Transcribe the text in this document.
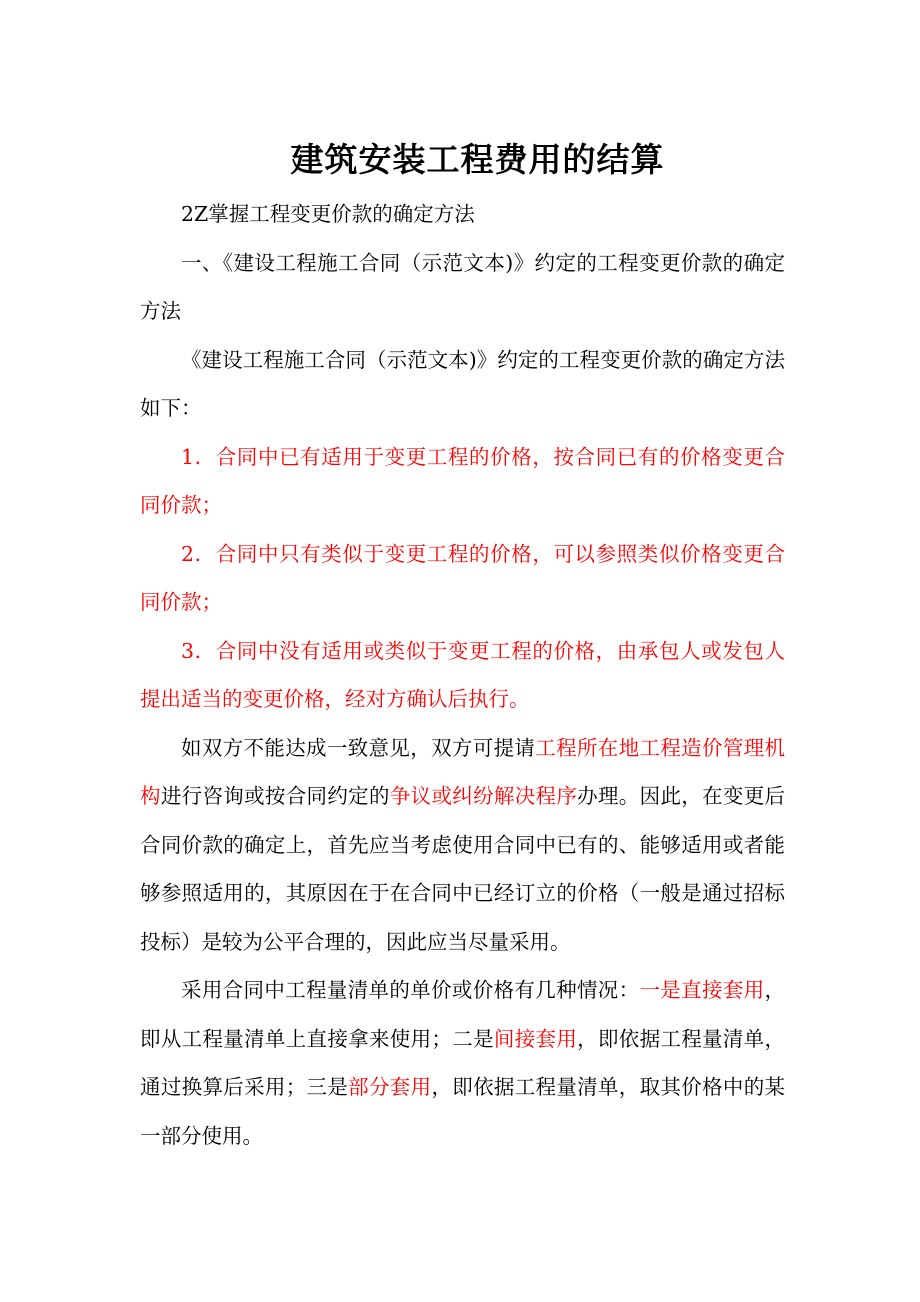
建筑安装工程费用的结算

2Z掌握工程变更价款的确定方法

一、《建设工程施工合同（示范文本)》约定的工程变更价款的确定方法

《建设工程施工合同（示范文本)》约定的工程变更价款的确定方法如下：

1．合同中已有适用于变更工程的价格，按合同已有的价格变更合同价款；

2．合同中只有类似于变更工程的价格，可以参照类似价格变更合同价款；

3．合同中没有适用或类似于变更工程的价格，由承包人或发包人提出适当的变更价格，经对方确认后执行。

如双方不能达成一致意见，双方可提请工程所在地工程造价管理机构进行咨询或按合同约定的争议或纠纷解决程序办理。因此，在变更后合同价款的确定上，首先应当考虑使用合同中已有的、能够适用或者能够参照适用的，其原因在于在合同中已经订立的价格（一般是通过招标投标）是较为公平合理的，因此应当尽量采用。

采用合同中工程量清单的单价或价格有几种情况：一是直接套用，即从工程量清单上直接拿来使用；二是间接套用，即依据工程量清单，通过换算后采用；三是部分套用，即依据工程量清单，取其价格中的某一部分使用。
